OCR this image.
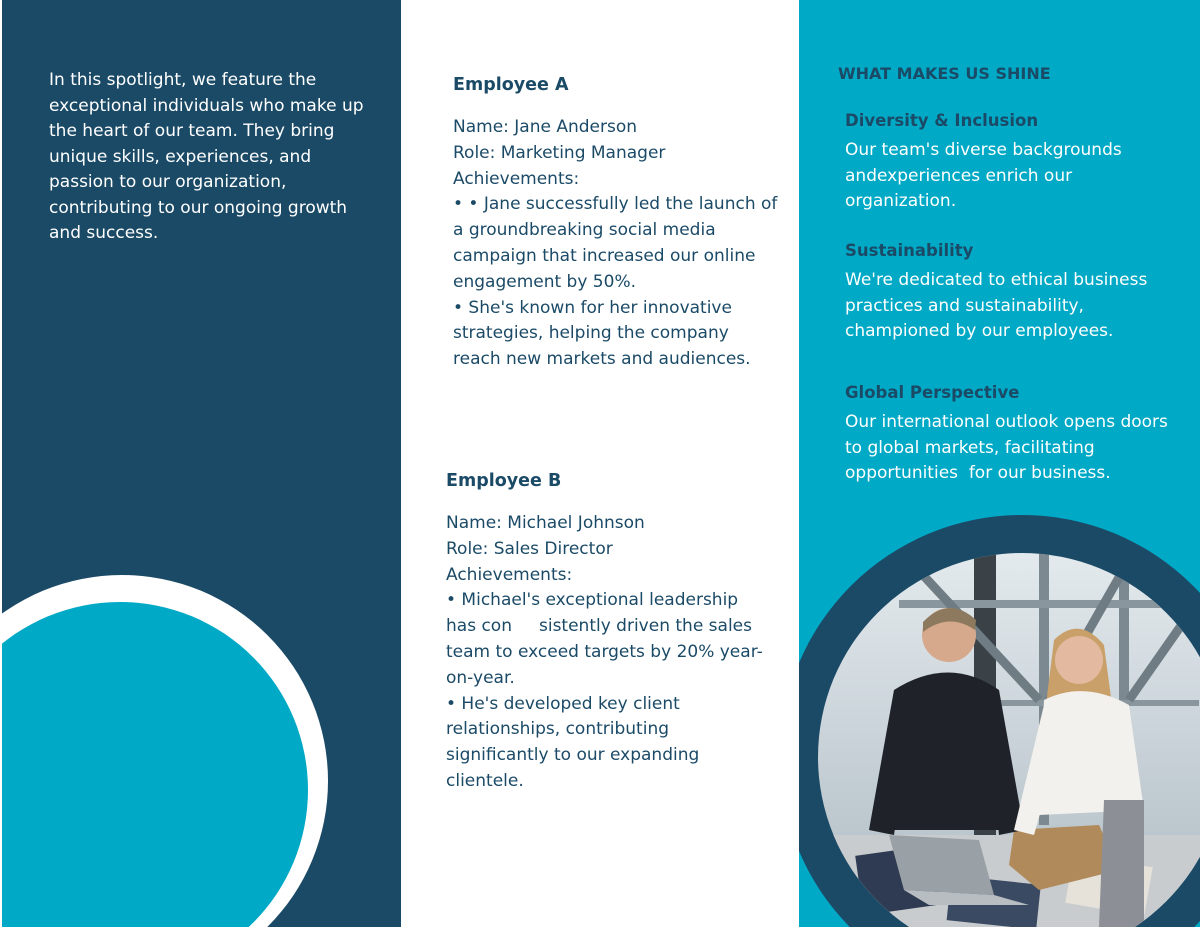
In this spotlight, we feature the exceptional individuals who make up the heart of our team. They bring unique skills, experiences, and passion to our organization, contributing to our ongoing growth and success.
Employee A

Name: Jane Anderson
Role: Marketing Manager
Achievements:
• • Jane successfully led the launch of a groundbreaking social media campaign that increased our online engagement by 50%.
• She's known for her innovative strategies, helping the company reach new markets and audiences.

Employee B

Name: Michael Johnson
Role: Sales Director
Achievements:
• Michael's exceptional leadership has con     sistently driven the sales team to exceed targets by 20% year-on-year.
• He's developed key client relationships, contributing significantly to our expanding clientele.

WHAT MAKES US SHINE
Diversity & Inclusion

Our team's diverse backgrounds andexperiences enrich our organization.

Sustainability

We're dedicated to ethical business practices and sustainability, championed by our employees.

Global Perspective

Our international outlook opens doors to global markets, facilitating opportunities  for our business.
